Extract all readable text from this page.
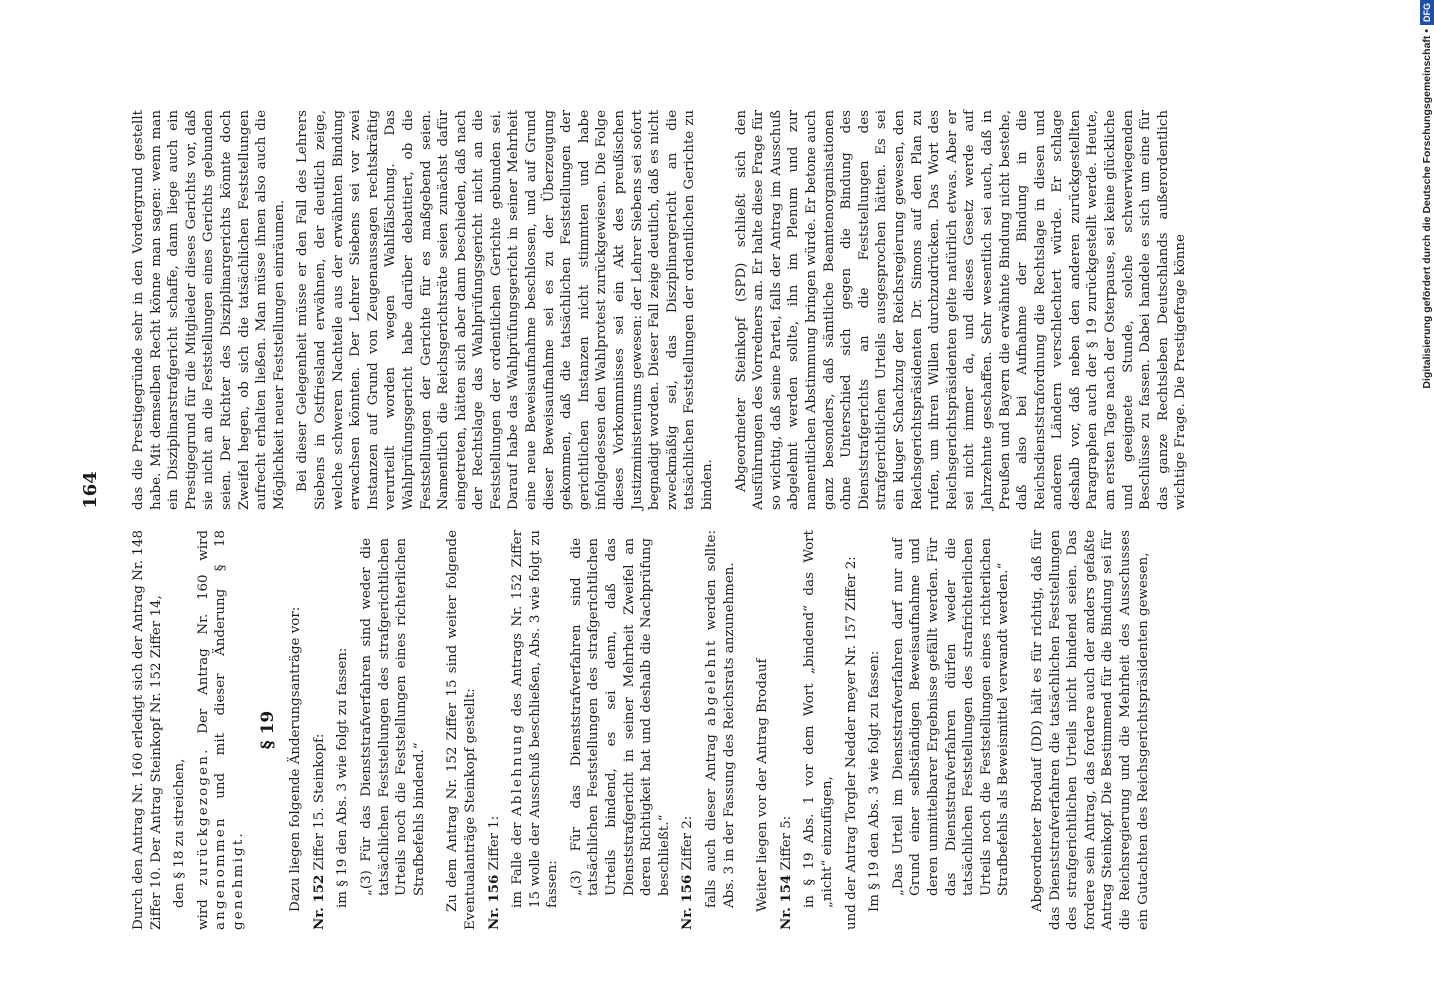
164

Durch den Antrag Nr. 160 erledigt sich der Antrag Nr. 148 Ziffer 10. Der Antrag Steinkopf Nr. 152 Ziffer 14, den § 18 zu streichen,

wird zurückgezogen. Der Antrag Nr. 160 wird angenommen und mit dieser Änderung § 18 genehmigt.

§ 19 Dazu liegen folgende Änderungsanträge vor: Nr. 152 Ziffer 15. Steinkopf: im § 19 den Abs. 3 wie folgt zu fassen: „(3) Für das Dienststrafverfahren sind weder die tatsächlichen Feststellungen des strafgerichtlichen Urteils noch die Feststellungen eines richterlichen Strafbefehls bindend.“ Zu dem Antrag Nr. 152 Ziffer 15 sind weiter folgende Eventualanträge Steinkopf gestellt: Nr. 156 Ziffer 1: im Falle der Ablehnung des Antrags Nr. 152 Ziffer 15 wolle der Ausschuß beschließen, Abs. 3 wie folgt zu fassen: „(3) Für das Dienststrafverfahren sind die tatsächlichen Feststellungen des strafgerichtlichen Urteils bindend, es sei denn, daß das Dienststrafgericht in seiner Mehrheit Zweifel an deren Richtigkeit hat und deshalb die Nachprüfung beschließt.“

Nr. 156 Ziffer 2: falls auch dieser Antrag abgelehnt werden sollte: Abs. 3 in der Fassung des Reichsrats anzunehmen. Weiter liegen vor der Antrag Brodauf Nr. 154 Ziffer 5: in § 19 Abs. 1 vor dem Wort „bindend“ das Wort „nicht“ einzufügen, und der Antrag Torgler Nedder meyer Nr. 157 Ziffer 2: Im § 19 den Abs. 3 wie folgt zu fassen: „Das Urteil im Dienststrafverfahren darf nur auf Grund einer selbständigen Beweisaufnahme und deren unmittelbarer Ergebnisse gefällt werden. Für das Dienststrafverfahren dürfen weder die tatsächlichen Feststellungen des strafrichterlichen Urteils noch die Feststellungen eines richterlichen Strafbefehls als Beweismittel verwandt werden.“ Abgeordneter Brodauf (DD) hält es für richtig, daß für das Dienststrafverfahren die tatsächlichen Feststellungen des strafgerichtlichen Urteils nicht bindend seien. Das fordere sein Antrag, das fordere auch der anders gefaßte Antrag Steinkopf. Die Bestimmend für die Bindung sei für die Reichsregierung und die Mehrheit des Ausschusses ein Gutachten des Reichsgerichtspräsidenten gewesen,

das die Prestigegründe sehr in den Vordergrund gestellt habe. Mit demselben Recht könne man sagen: wenn man ein Disziplinarstrafgericht schaffe, dann liege auch ein Prestigegrund für die Mitglieder dieses Gerichts vor, daß sie nicht an die Feststellungen eines Gerichts gebunden seien. Der Richter des Disziplinargerichts könnte doch Zweifel hegen, ob sich die tatsächlichen Feststellungen aufrecht erhalten ließen. Man müsse ihnen also auch die Möglichkeit neuer Feststellungen einräumen. Bei dieser Gelegenheit müsse er den Fall des Lehrers Siebens in Ostfriesland erwähnen, der deutlich zeige, welche schweren Nachteile aus der erwähnten Bindung erwachsen könnten. Der Lehrer Siebens sei vor zwei Instanzen auf Grund von Zeugenaussagen rechtskräftig verurteilt worden wegen Wahlfälschung. Das Wahlprüfungsgericht habe darüber debattiert, ob die Feststellungen der Gerichte für es maßgebend seien. Namentlich die Reichsgerichtsräte seien zunächst dafür eingetreten, hätten sich aber dann beschieden, daß nach der Rechtslage das Wahlprüfungsgericht nicht an die Feststellungen der ordentlichen Gerichte gebunden sei. Darauf habe das Wahlprüfungsgericht in seiner Mehrheit eine neue Beweisaufnahme beschlossen, und auf Grund dieser Beweisaufnahme sei es zu der Überzeugung gekommen, daß die tatsächlichen Feststellungen der gerichtlichen Instanzen nicht stimmten und habe infolgedessen den Wahlprotest zurückgewiesen. Die Folge dieses Vorkommnisses sei ein Akt des preußischen Justizministeriums gewesen: der Lehrer Siebens sei sofort begnadigt worden. Dieser Fall zeige deutlich, daß es nicht zweckmäßig sei, das Disziplinargericht an die tatsächlichen Feststellungen der ordentlichen Gerichte zu binden. Abgeordneter Steinkopf (SPD) schließt sich den Ausführungen des Vorredners an. Er halte diese Frage für so wichtig, daß seine Partei, falls der Antrag im Ausschuß abgelehnt werden sollte, ihn im Plenum und zur namentlichen Abstimmung bringen würde. Er betone auch ganz besonders, daß sämtliche Beamtenorganisationen ohne Unterschied sich gegen die Bindung des Dienststrafgerichts an die Feststellungen des strafgerichtlichen Urteils ausgesprochen hätten. Es sei ein kluger Schachzug der Reichsregierung gewesen, den Reichsgerichtspräsidenten Dr. Simons auf den Plan zu rufen, um ihren Willen durchzudrücken. Das Wort des Reichsgerichtspräsidenten gelte natürlich etwas. Aber er sei nicht immer da, und dieses Gesetz werde auf Jahrzehnte geschaffen. Sehr wesentlich sei auch, daß in Preußen und Bayern die erwähnte Bindung nicht bestehe, daß also bei Aufnahme der Bindung in die Reichsdienststrafordnung die Rechtslage in diesen und anderen Ländern verschlechtert würde. Er schlage deshalb vor, daß neben den anderen zurückgestellten Paragraphen auch der § 19 zurückgestellt werde. Heute, am ersten Tage nach der Osterpause, sei keine glückliche und geeignete Stunde, solche schwerwiegenden Beschlüsse zu fassen. Dabei handele es sich um eine für das ganze Rechtsleben Deutschlands außerordentlich wichtige Frage. Die Prestigefrage könne	Digitalisierung gefördert durch die Deutsche Forschungsgemeinschaft •DFG
